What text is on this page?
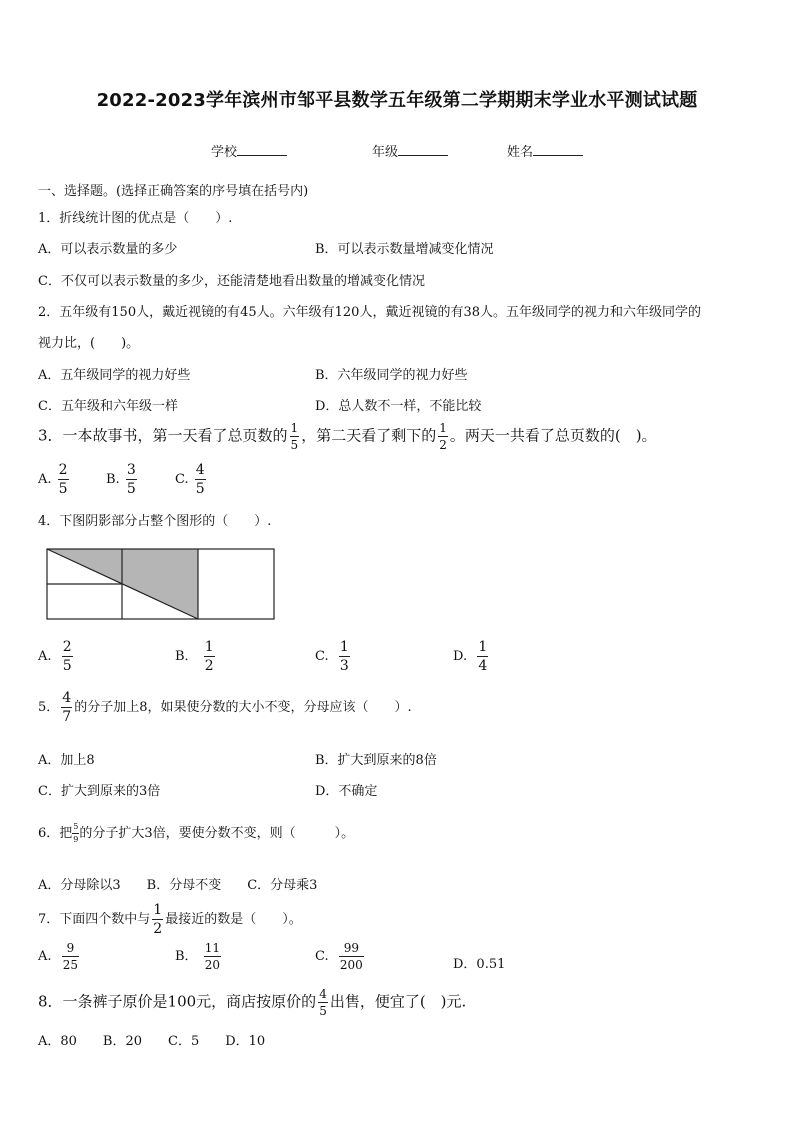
2022-2023学年滨州市邹平县数学五年级第二学期期末学业水平测试试题
学校	年级	姓名
一、选择题。(选择正确答案的序号填在括号内)
1．折线统计图的优点是（　　）.
A．可以表示数量的多少	B．可以表示数量增减变化情况
C．不仅可以表示数量的多少，还能清楚地看出数量的增减变化情况
2．五年级有150人，戴近视镜的有45人。六年级有120人，戴近视镜的有38人。五年级同学的视力和六年级同学的
视力比，(　　)。
A．五年级同学的视力好些	B．六年级同学的视力好些
C．五年级和六年级一样	D．总人数不一样，不能比较
3．一本故事书，第一天看了总页数的 $\frac{1}{5}$ ，第二天看了剩下的 $\frac{1}{2}$ 。两天一共看了总页数的(　)。
A. $\frac{2}{5}$	B. $\frac{3}{5}$	C. $\frac{4}{5}$
4．下图阴影部分占整个图形的（　　）.
A. $\frac{2}{5}$	B． $\frac{1}{2}$	C. $\frac{1}{3}$	D. $\frac{1}{4}$
5． $\frac{4}{7}$ 的分子加上8，如果使分数的大小不变，分母应该（　　）.
A．加上8	B．扩大到原来的8倍
C．扩大到原来的3倍	D．不确定
6．把 $\frac{5}{9}$ 的分子扩大3倍，要使分数不变，则（　　　）。
A．分母除以3　　B．分母不变　　C．分母乘3
7．下面四个数中与 $\frac{1}{2}$ 最接近的数是（　　）。
A. $\frac{9}{25}$	B． $\frac{11}{20}$	C. $\frac{99}{200}$	D．0.51
8．一条裤子原价是100元，商店按原价的 $\frac{4}{5}$ 出售，便宜了(　)元.
A．80　　B．20　　C．5　　D．10
